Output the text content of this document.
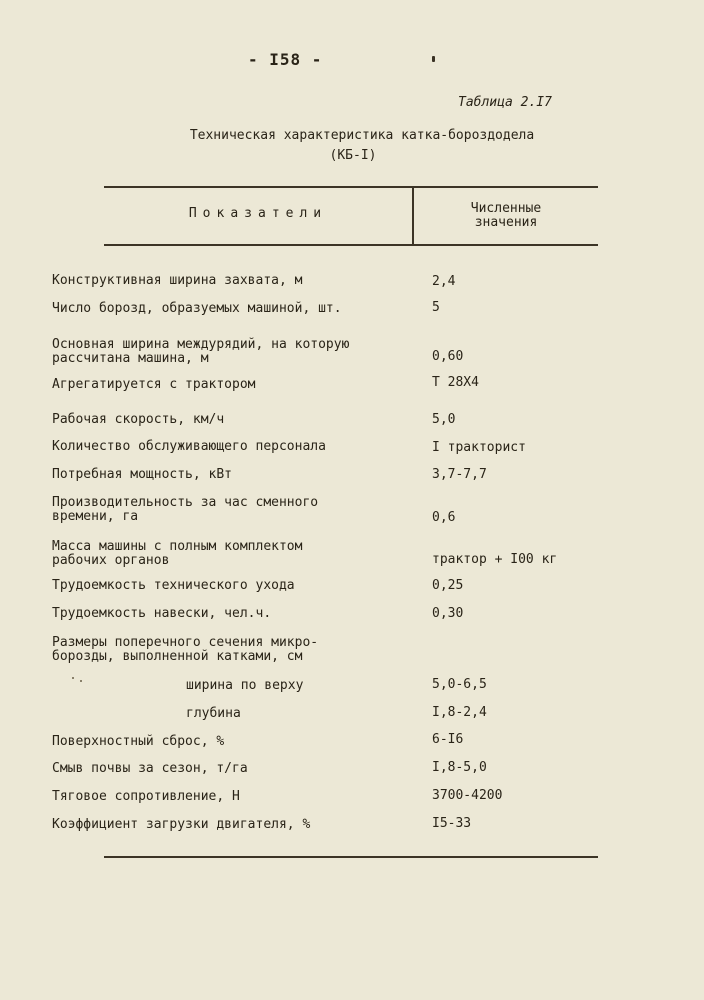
- I58 -
Таблица 2.I7
Техническая характеристика катка-бороздодела
(КБ-I)
Показатели	Численные
значения
Конструктивная ширина захвата, м	2,4
Число борозд, образуемых машиной, шт.	5
Основная ширина междурядий, на которую
рассчитана машина, м	0,60
Агрегатируется с трактором	Т 28Х4
Рабочая скорость, км/ч	5,0
Количество обслуживающего персонала	I тракторист
Потребная мощность, кВт	3,7-7,7
Производительность за час сменного
времени, га	0,6
Масса машины с полным комплектом
рабочих органов	трактор + I00 кг
Трудоемкость технического ухода	0,25
Трудоемкость навески, чел.ч.	0,30
Размеры поперечного сечения микро-
борозды, выполненной катками, см
ширина по верху	5,0-6,5
глубина	I,8-2,4
Поверхностный сброс, %	6-I6
Смыв почвы за сезон, т/га	I,8-5,0
Тяговое сопротивление, Н	3700-4200
Коэффициент загрузки двигателя, %	I5-33
